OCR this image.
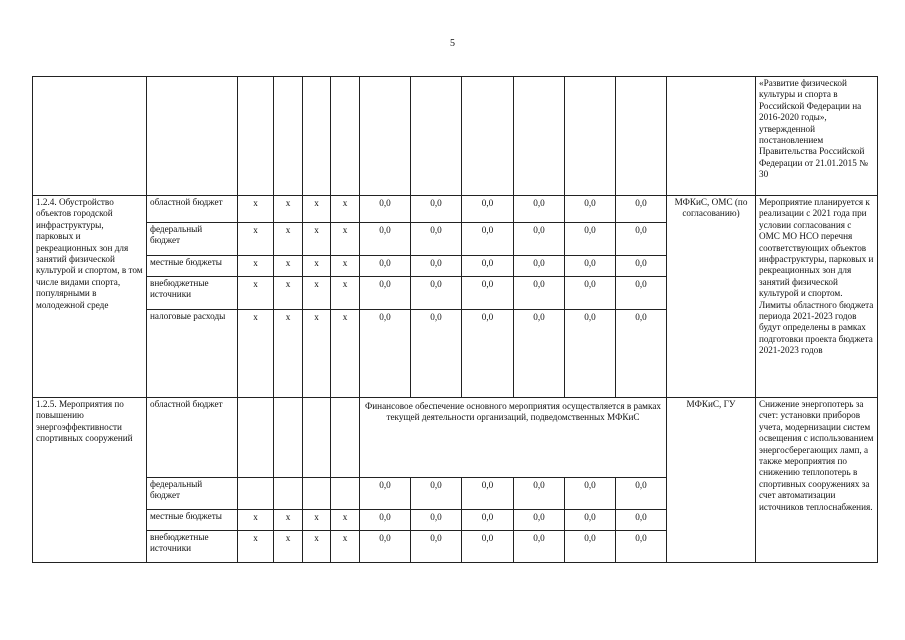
5
													«Развитие физической культуры и спорта в Российской Федерации на 2016-2020 годы», утвержденной постановлением Правительства Российской Федерации от 21.01.2015 № 30
1.2.4. Обустройство объектов городской инфраструктуры, парковых и рекреационных зон для занятий физической культурой и спортом, в том числе видами спорта, популярными в молодежной среде	областной бюджет	x	x	x	x	0,0	0,0	0,0	0,0	0,0	0,0	МФКиС, ОМС (по согласованию)	Мероприятие планируется к реализации с 2021 года при условии согласования с ОМС МО НСО перечня соответствующих объектов инфраструктуры, парковых и рекреационных зон для занятий физической культурой и спортом. Лимиты областного бюджета периода 2021-2023 годов будут определены в рамках подготовки проекта бюджета 2021-2023 годов
	федеральный бюджет	x	x	x	x	0,0	0,0	0,0	0,0	0,0	0,0		
	местные бюджеты	x	x	x	x	0,0	0,0	0,0	0,0	0,0	0,0		
	внебюджетные источники	x	x	x	x	0,0	0,0	0,0	0,0	0,0	0,0		
	налоговые расходы	x	x	x	x	0,0	0,0	0,0	0,0	0,0	0,0		
1.2.5. Мероприятия по повышению энергоэффективности спортивных сооружений	областной бюджет					Финансовое обеспечение основного мероприятия осуществляется в рамках текущей деятельности организаций, подведомственных МФКиС						МФКиС, ГУ	Снижение энергопотерь за счет: установки приборов учета, модернизации систем освещения с использованием энергосберегающих ламп, а также мероприятия по снижению теплопотерь в спортивных сооружениях за счет автоматизации источников теплоснабжения.
	федеральный бюджет					0,0	0,0	0,0	0,0	0,0	0,0		
	местные бюджеты	x	x	x	x	0,0	0,0	0,0	0,0	0,0	0,0		
	внебюджетные источники	x	x	x	x	0,0	0,0	0,0	0,0	0,0	0,0		
